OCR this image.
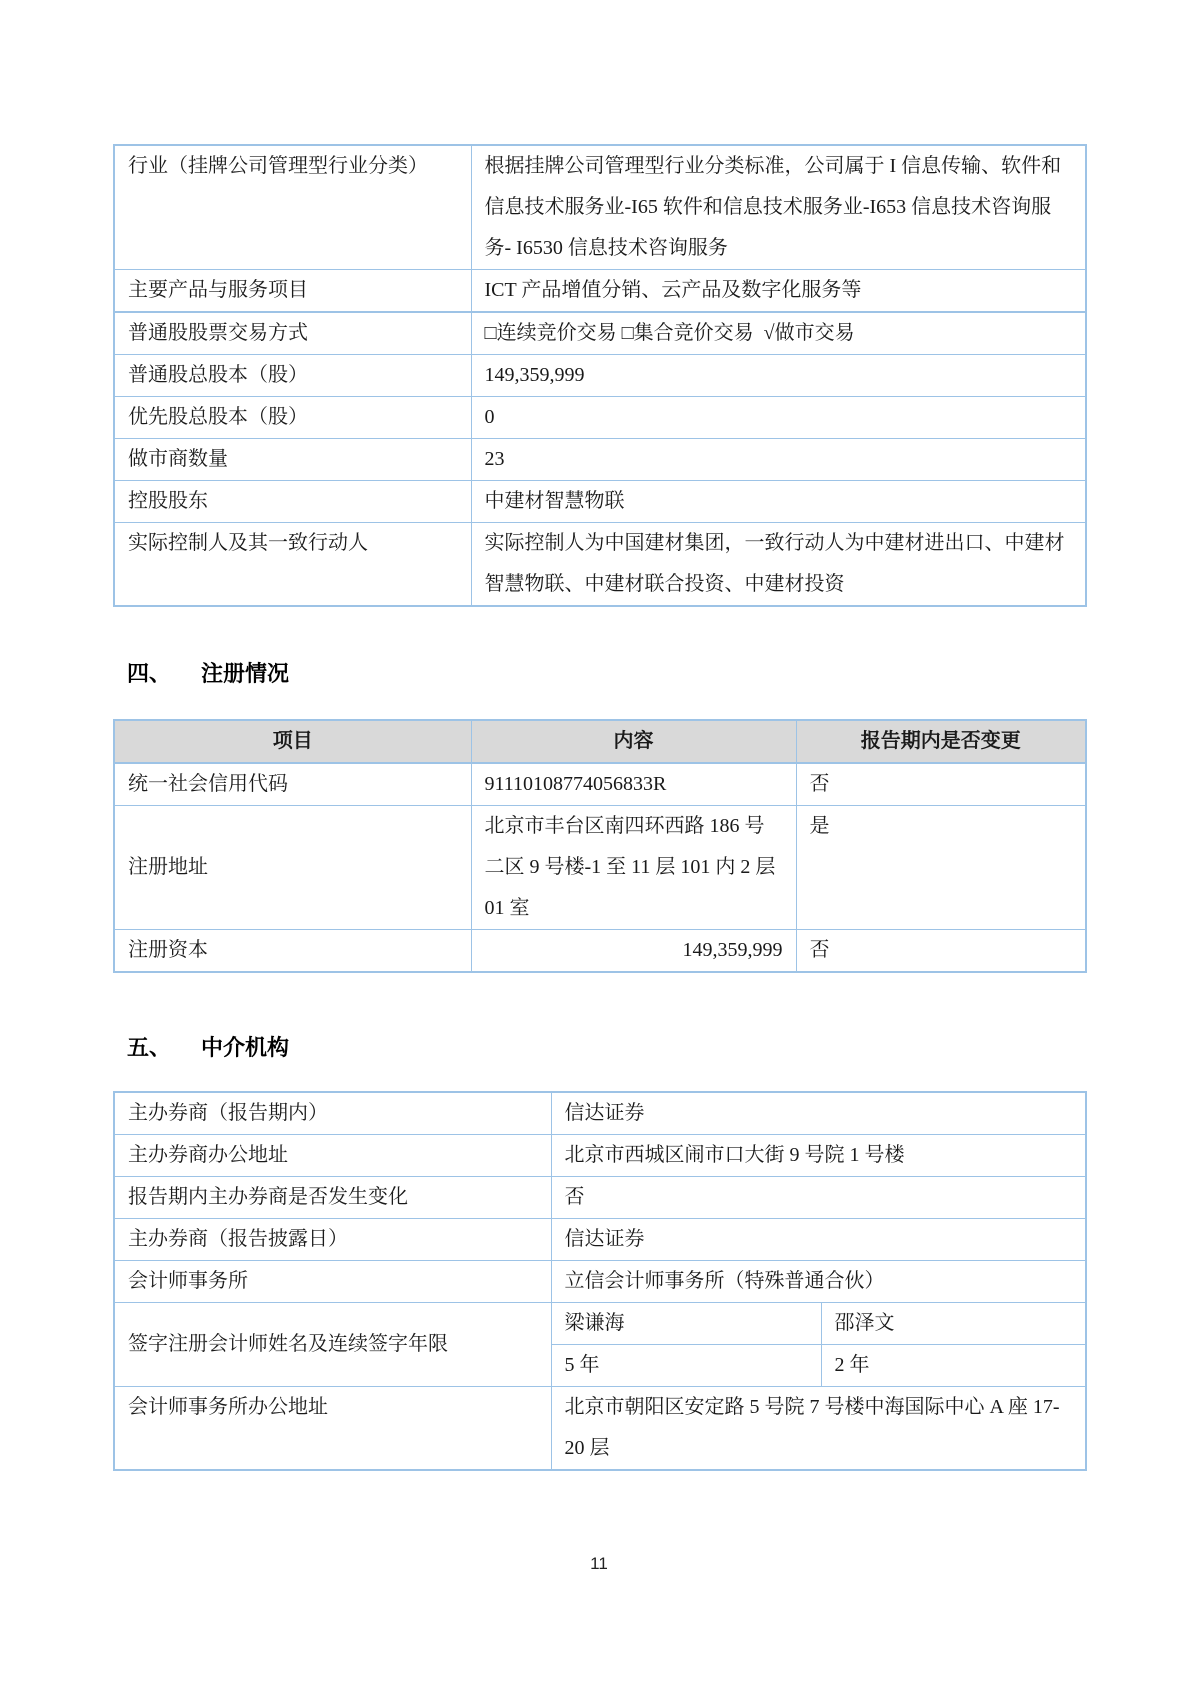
行业（挂牌公司管理型行业分类）	根据挂牌公司管理型行业分类标准，公司属于 I 信息传输、软件和信息技术服务业-I65 软件和信息技术服务业-I653 信息技术咨询服务- I6530 信息技术咨询服务
主要产品与服务项目	ICT 产品增值分销、云产品及数字化服务等
普通股股票交易方式	□连续竞价交易 □集合竞价交易  √做市交易
普通股总股本（股）	149,359,999
优先股总股本（股）	0
做市商数量	23
控股股东	中建材智慧物联
实际控制人及其一致行动人	实际控制人为中国建材集团，一致行动人为中建材进出口、中建材智慧物联、中建材联合投资、中建材投资
四、 注册情况
项目	内容	报告期内是否变更
统一社会信用代码	91110108774056833R	否
注册地址	北京市丰台区南四环西路 186 号二区 9 号楼-1 至 11 层 101 内 2 层 01 室	是
注册资本	149,359,999	否
五、 中介机构
主办券商（报告期内）	信达证券	
主办券商办公地址	北京市西城区闹市口大街 9 号院 1 号楼	
报告期内主办券商是否发生变化	否	
主办券商（报告披露日）	信达证券	
会计师事务所	立信会计师事务所（特殊普通合伙）	
签字注册会计师姓名及连续签字年限	梁谦海	邵泽文
	5 年	2 年
会计师事务所办公地址	北京市朝阳区安定路 5 号院 7 号楼中海国际中心 A 座 17-20 层	
11
